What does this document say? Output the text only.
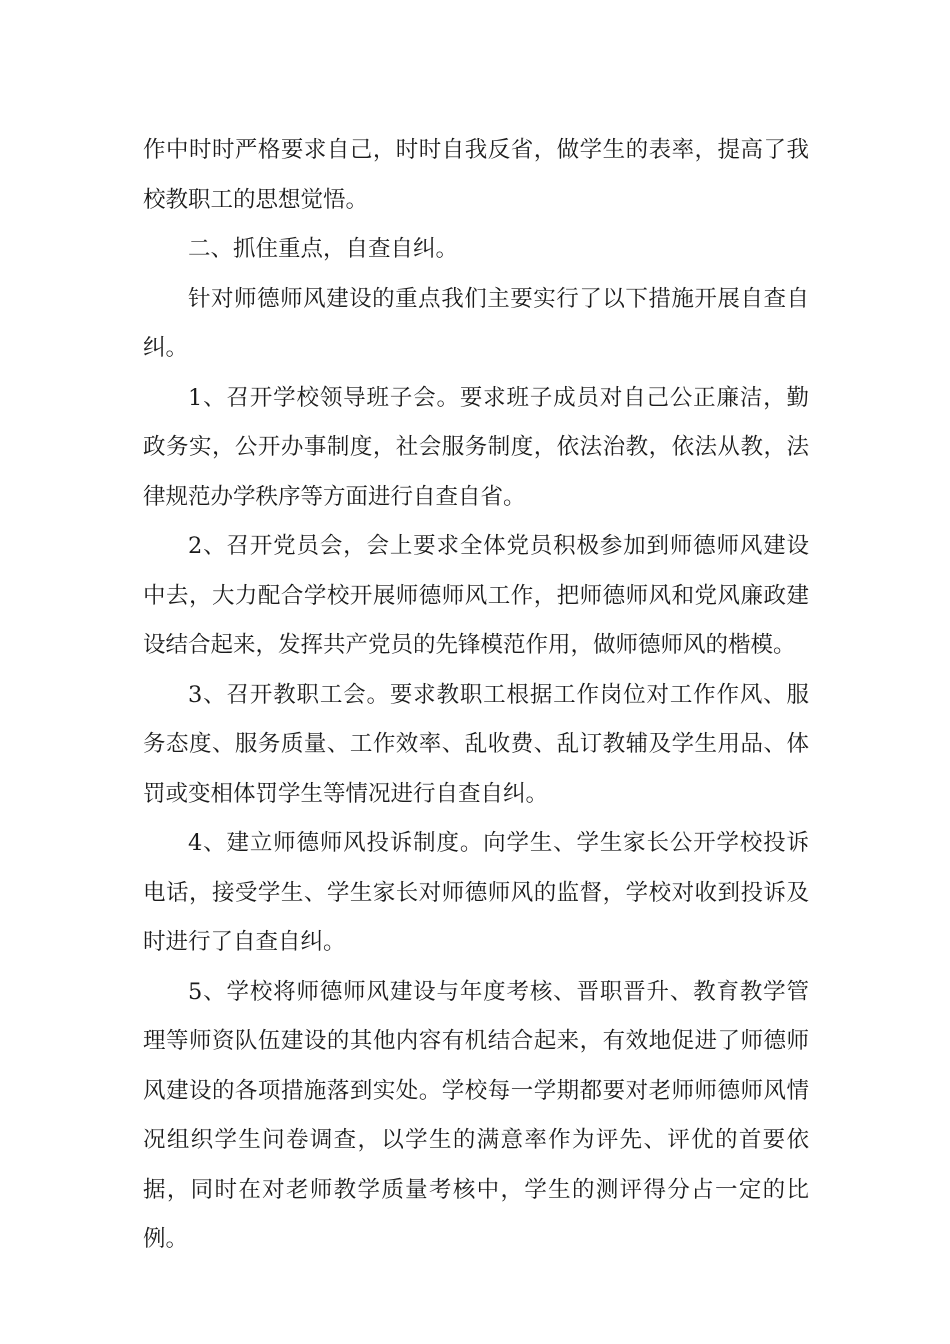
作中时时严格要求自己，时时自我反省，做学生的表率，提高了我校教职工的思想觉悟。

二、抓住重点，自查自纠。

针对师德师风建设的重点我们主要实行了以下措施开展自查自纠。

1、召开学校领导班子会。要求班子成员对自己公正廉洁，勤政务实，公开办事制度，社会服务制度，依法治教，依法从教，法律规范办学秩序等方面进行自查自省。

2、召开党员会，会上要求全体党员积极参加到师德师风建设中去，大力配合学校开展师德师风工作，把师德师风和党风廉政建设结合起来，发挥共产党员的先锋模范作用，做师德师风的楷模。

3、召开教职工会。要求教职工根据工作岗位对工作作风、服务态度、服务质量、工作效率、乱收费、乱订教辅及学生用品、体罚或变相体罚学生等情况进行自查自纠。

4、建立师德师风投诉制度。向学生、学生家长公开学校投诉电话，接受学生、学生家长对师德师风的监督，学校对收到投诉及时进行了自查自纠。

5、学校将师德师风建设与年度考核、晋职晋升、教育教学管理等师资队伍建设的其他内容有机结合起来，有效地促进了师德师风建设的各项措施落到实处。学校每一学期都要对老师师德师风情况组织学生问卷调查，以学生的满意率作为评先、评优的首要依据，同时在对老师教学质量考核中，学生的测评得分占一定的比例。
